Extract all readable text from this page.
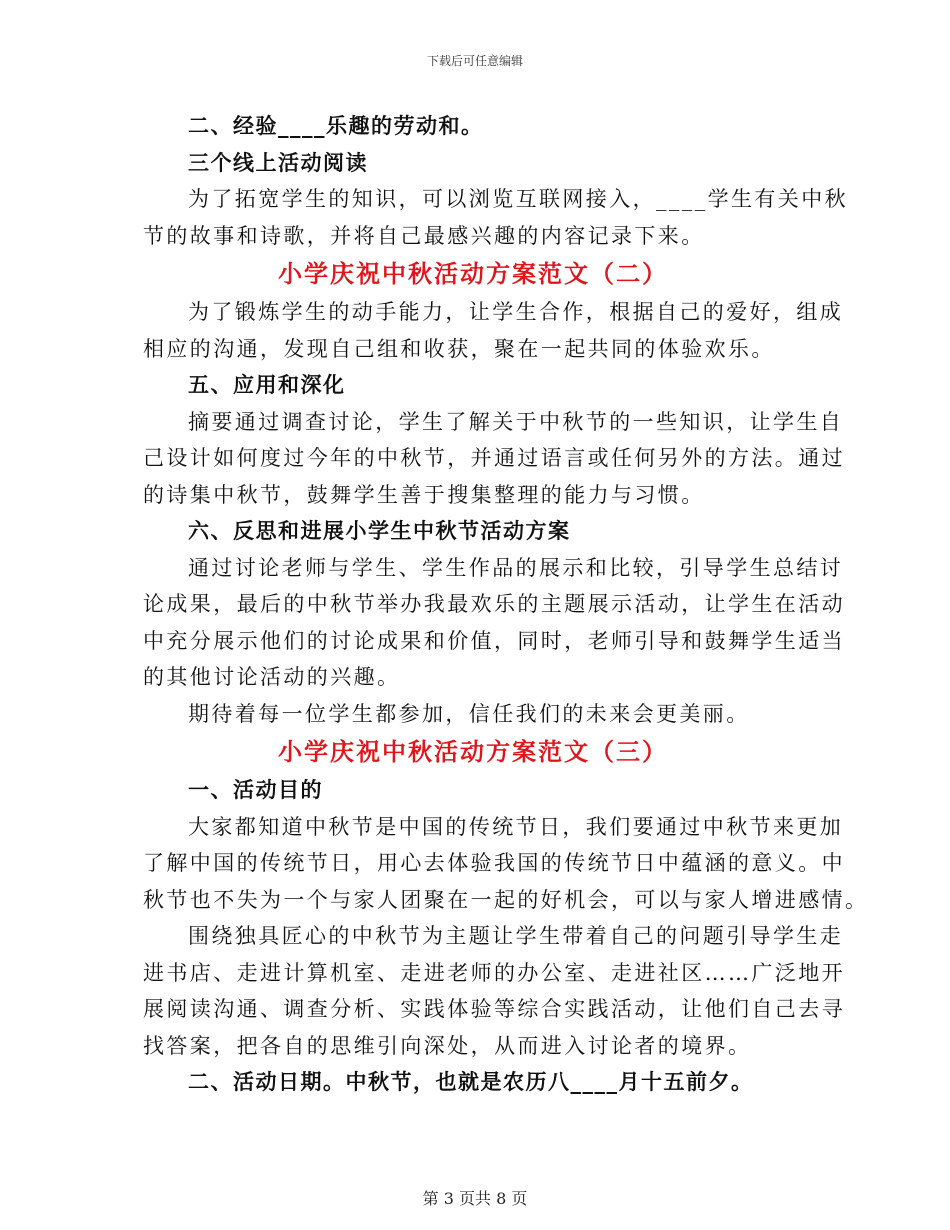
下载后可任意编辑
二、经验____乐趣的劳动和。
三个线上活动阅读
为了拓宽学生的知识，可以浏览互联网接入，____学生有关中秋
节的故事和诗歌，并将自己最感兴趣的内容记录下来。
小学庆祝中秋活动方案范文（二）
为了锻炼学生的动手能力，让学生合作，根据自己的爱好，组成
相应的沟通，发现自己组和收获，聚在一起共同的体验欢乐。
五、应用和深化
摘要通过调查讨论，学生了解关于中秋节的一些知识，让学生自
己设计如何度过今年的中秋节，并通过语言或任何另外的方法。通过
的诗集中秋节，鼓舞学生善于搜集整理的能力与习惯。
六、反思和进展小学生中秋节活动方案
通过讨论老师与学生、学生作品的展示和比较，引导学生总结讨
论成果，最后的中秋节举办我最欢乐的主题展示活动，让学生在活动
中充分展示他们的讨论成果和价值，同时，老师引导和鼓舞学生适当
的其他讨论活动的兴趣。
期待着每一位学生都参加，信任我们的未来会更美丽。
小学庆祝中秋活动方案范文（三）
一、活动目的
大家都知道中秋节是中国的传统节日，我们要通过中秋节来更加
了解中国的传统节日，用心去体验我国的传统节日中蕴涵的意义。中
秋节也不失为一个与家人团聚在一起的好机会，可以与家人增进感情。
围绕独具匠心的中秋节为主题让学生带着自己的问题引导学生走
进书店、走进计算机室、走进老师的办公室、走进社区……广泛地开
展阅读沟通、调查分析、实践体验等综合实践活动，让他们自己去寻
找答案，把各自的思维引向深处，从而进入讨论者的境界。
二、活动日期。中秋节，也就是农历八____月十五前夕。
第 3 页共 8 页
